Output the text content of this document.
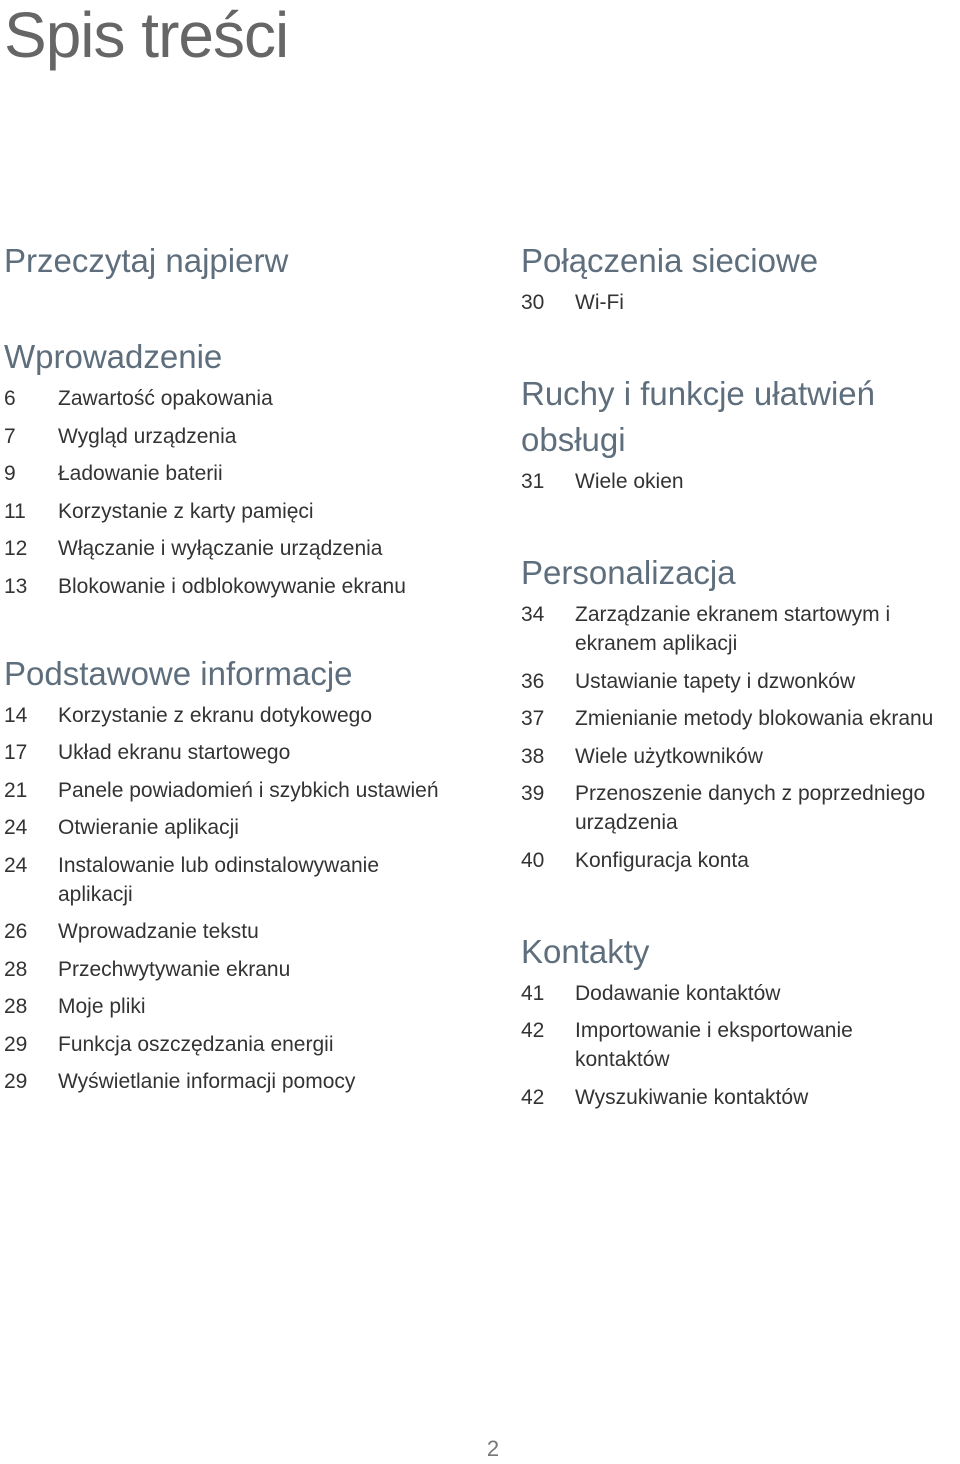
Spis treści
Przeczytaj najpierw
Wprowadzenie
6	Zawartość opakowania
7	Wygląd urządzenia
9	Ładowanie baterii
11	Korzystanie z karty pamięci
12	Włączanie i wyłączanie urządzenia
13	Blokowanie i odblokowywanie ekranu
Podstawowe informacje
14	Korzystanie z ekranu dotykowego
17	Układ ekranu startowego
21	Panele powiadomień i szybkich ustawień
24	Otwieranie aplikacji
24	Instalowanie lub odinstalowywanie aplikacji
26	Wprowadzanie tekstu
28	Przechwytywanie ekranu
28	Moje pliki
29	Funkcja oszczędzania energii
29	Wyświetlanie informacji pomocy
Połączenia sieciowe
30	Wi-Fi
Ruchy i funkcje ułatwień obsługi
31	Wiele okien
Personalizacja
34	Zarządzanie ekranem startowym i ekranem aplikacji
36	Ustawianie tapety i dzwonków
37	Zmienianie metody blokowania ekranu
38	Wiele użytkowników
39	Przenoszenie danych z poprzedniego urządzenia
40	Konfiguracja konta
Kontakty
41	Dodawanie kontaktów
42	Importowanie i eksportowanie kontaktów
42	Wyszukiwanie kontaktów
2
